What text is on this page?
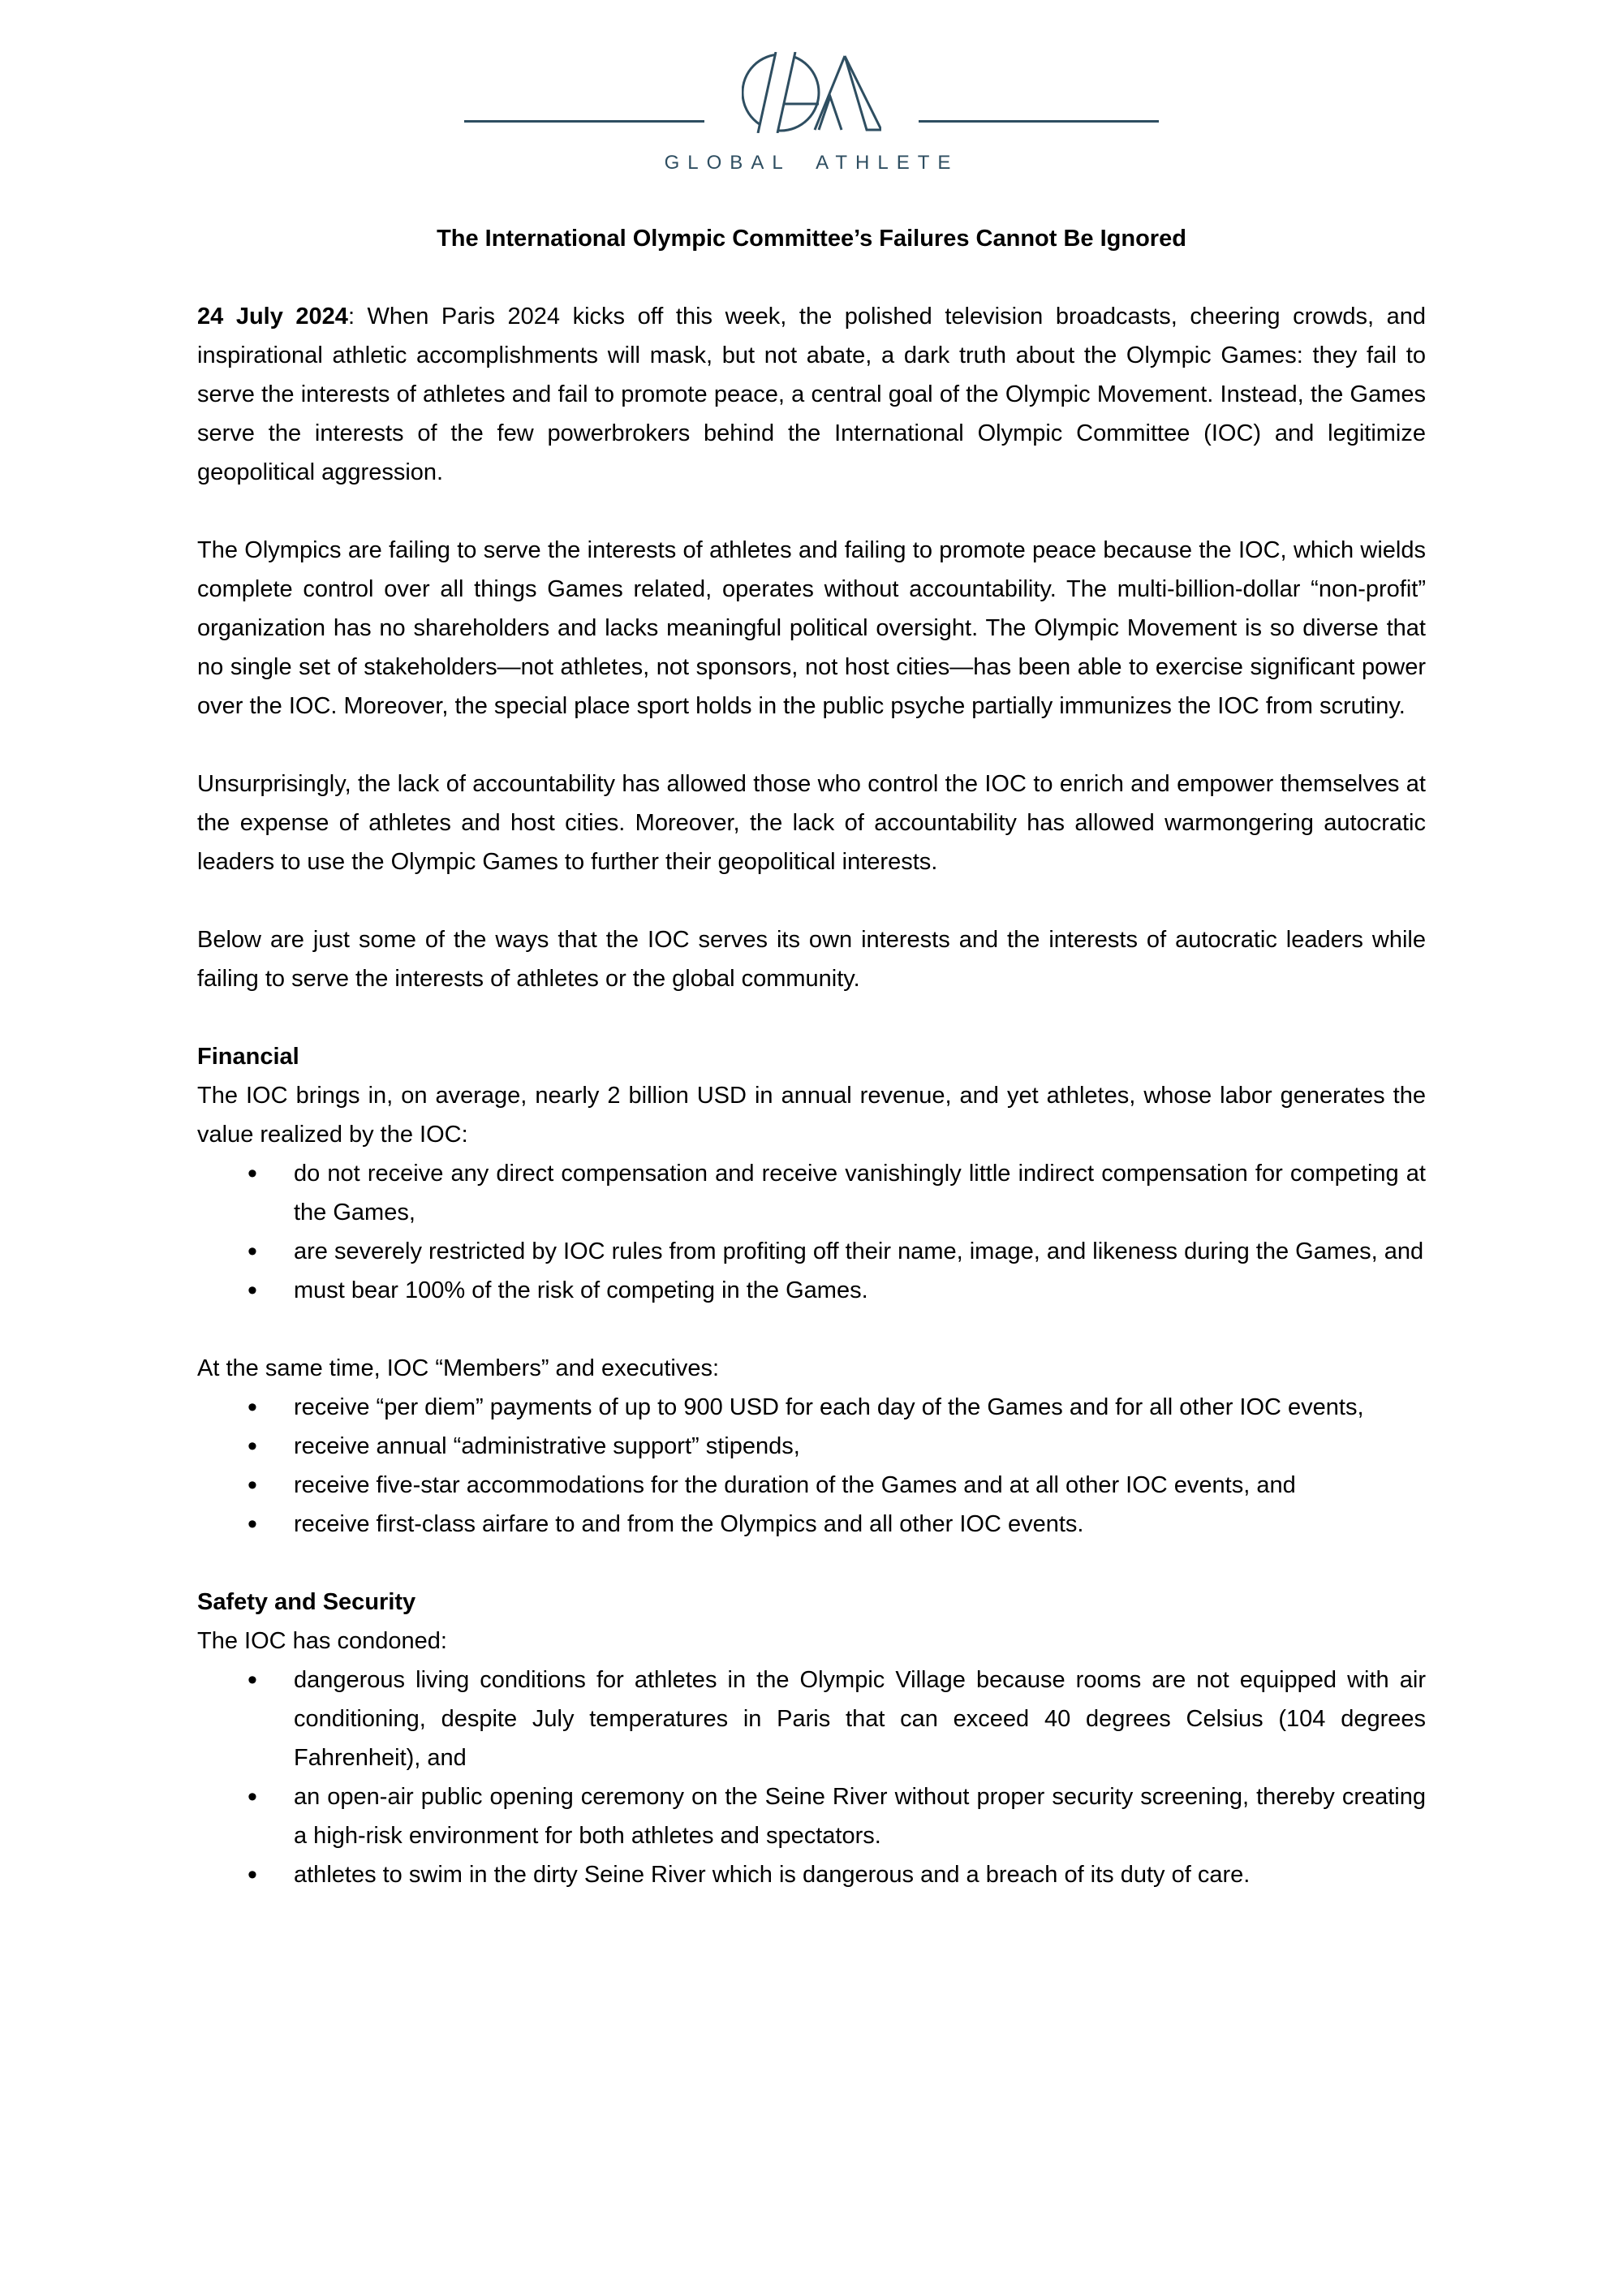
GLOBAL ATHLETE
The International Olympic Committee’s Failures Cannot Be Ignored

24 July 2024: When Paris 2024 kicks off this week, the polished television broadcasts, cheering crowds, and inspirational athletic accomplishments will mask, but not abate, a dark truth about the Olympic Games: they fail to serve the interests of athletes and fail to promote peace, a central goal of the Olympic Movement. Instead, the Games serve the interests of the few powerbrokers behind the International Olympic Committee (IOC) and legitimize geopolitical aggression.

The Olympics are failing to serve the interests of athletes and failing to promote peace because the IOC, which wields complete control over all things Games related, operates without accountability. The multi-billion-dollar “non-profit” organization has no shareholders and lacks meaningful political oversight. The Olympic Movement is so diverse that no single set of stakeholders—not athletes, not sponsors, not host cities—has been able to exercise significant power over the IOC. Moreover, the special place sport holds in the public psyche partially immunizes the IOC from scrutiny.

Unsurprisingly, the lack of accountability has allowed those who control the IOC to enrich and empower themselves at the expense of athletes and host cities. Moreover, the lack of accountability has allowed warmongering autocratic leaders to use the Olympic Games to further their geopolitical interests.

Below are just some of the ways that the IOC serves its own interests and the interests of autocratic leaders while failing to serve the interests of athletes or the global community.

Financial

The IOC brings in, on average, nearly 2 billion USD in annual revenue, and yet athletes, whose labor generates the value realized by the IOC:

• do not receive any direct compensation and receive vanishingly little indirect compensation for competing at the Games,
• are severely restricted by IOC rules from profiting off their name, image, and likeness during the Games, and
• must bear 100% of the risk of competing in the Games.

At the same time, IOC “Members” and executives:

• receive “per diem” payments of up to 900 USD for each day of the Games and for all other IOC events,
• receive annual “administrative support” stipends,
• receive five-star accommodations for the duration of the Games and at all other IOC events, and
• receive first-class airfare to and from the Olympics and all other IOC events.
Safety and Security

The IOC has condoned:

• dangerous living conditions for athletes in the Olympic Village because rooms are not equipped with air conditioning, despite July temperatures in Paris that can exceed 40 degrees Celsius (104 degrees Fahrenheit), and
• an open-air public opening ceremony on the Seine River without proper security screening, thereby creating a high-risk environment for both athletes and spectators.
• athletes to swim in the dirty Seine River which is dangerous and a breach of its duty of care.
